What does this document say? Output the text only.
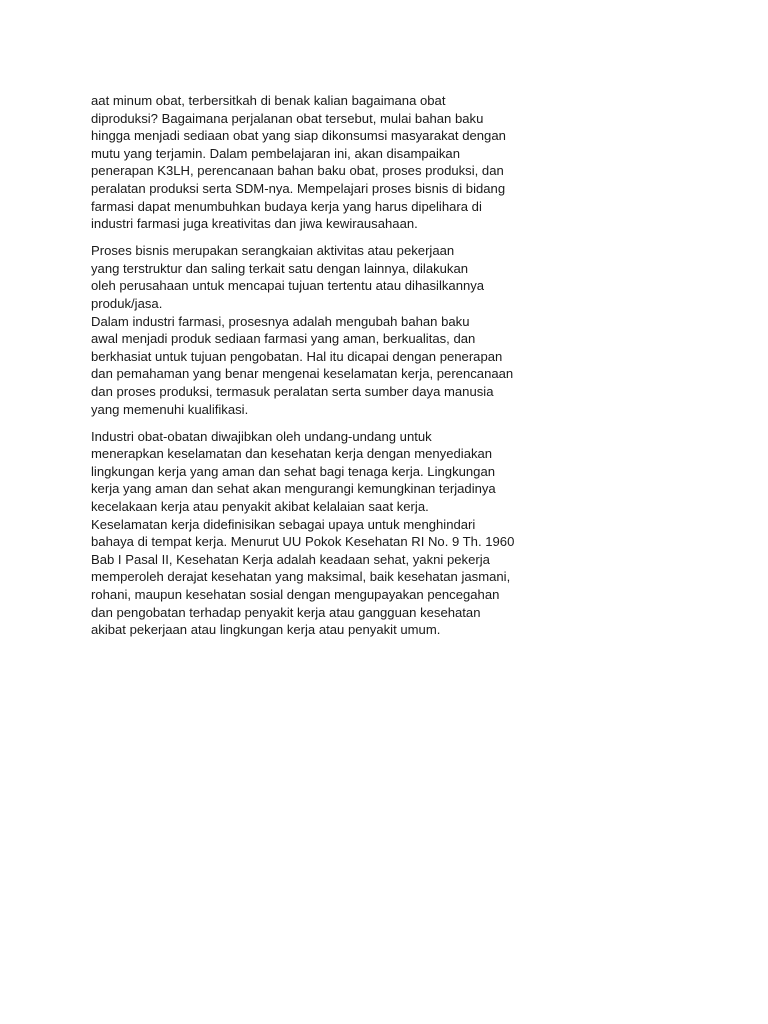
aat minum obat, terbersitkah di benak kalian bagaimana obat
diproduksi? Bagaimana perjalanan obat tersebut, mulai bahan baku
hingga menjadi sediaan obat yang siap dikonsumsi masyarakat dengan
mutu yang terjamin. Dalam pembelajaran ini, akan disampaikan
penerapan K3LH, perencanaan bahan baku obat, proses produksi, dan
peralatan produksi serta SDM-nya. Mempelajari proses bisnis di bidang
farmasi dapat menumbuhkan budaya kerja yang harus dipelihara di
industri farmasi juga kreativitas dan jiwa kewirausahaan.

Proses bisnis merupakan serangkaian aktivitas atau pekerjaan
yang terstruktur dan saling terkait satu dengan lainnya, dilakukan
oleh perusahaan untuk mencapai tujuan tertentu atau dihasilkannya
produk/jasa.
Dalam industri farmasi, prosesnya adalah mengubah bahan baku
awal menjadi produk sediaan farmasi yang aman, berkualitas, dan
berkhasiat untuk tujuan pengobatan. Hal itu dicapai dengan penerapan
dan pemahaman yang benar mengenai keselamatan kerja, perencanaan
dan proses produksi, termasuk peralatan serta sumber daya manusia
yang memenuhi kualifikasi.

Industri obat-obatan diwajibkan oleh undang-undang untuk
menerapkan keselamatan dan kesehatan kerja dengan menyediakan
lingkungan kerja yang aman dan sehat bagi tenaga kerja. Lingkungan
kerja yang aman dan sehat akan mengurangi kemungkinan terjadinya
kecelakaan kerja atau penyakit akibat kelalaian saat kerja.
Keselamatan kerja didefinisikan sebagai upaya untuk menghindari
bahaya di tempat kerja. Menurut UU Pokok Kesehatan RI No. 9 Th. 1960
Bab I Pasal II, Kesehatan Kerja adalah keadaan sehat, yakni pekerja
memperoleh derajat kesehatan yang maksimal, baik kesehatan jasmani,
rohani, maupun kesehatan sosial dengan mengupayakan pencegahan
dan pengobatan terhadap penyakit kerja atau gangguan kesehatan
akibat pekerjaan atau lingkungan kerja atau penyakit umum.
